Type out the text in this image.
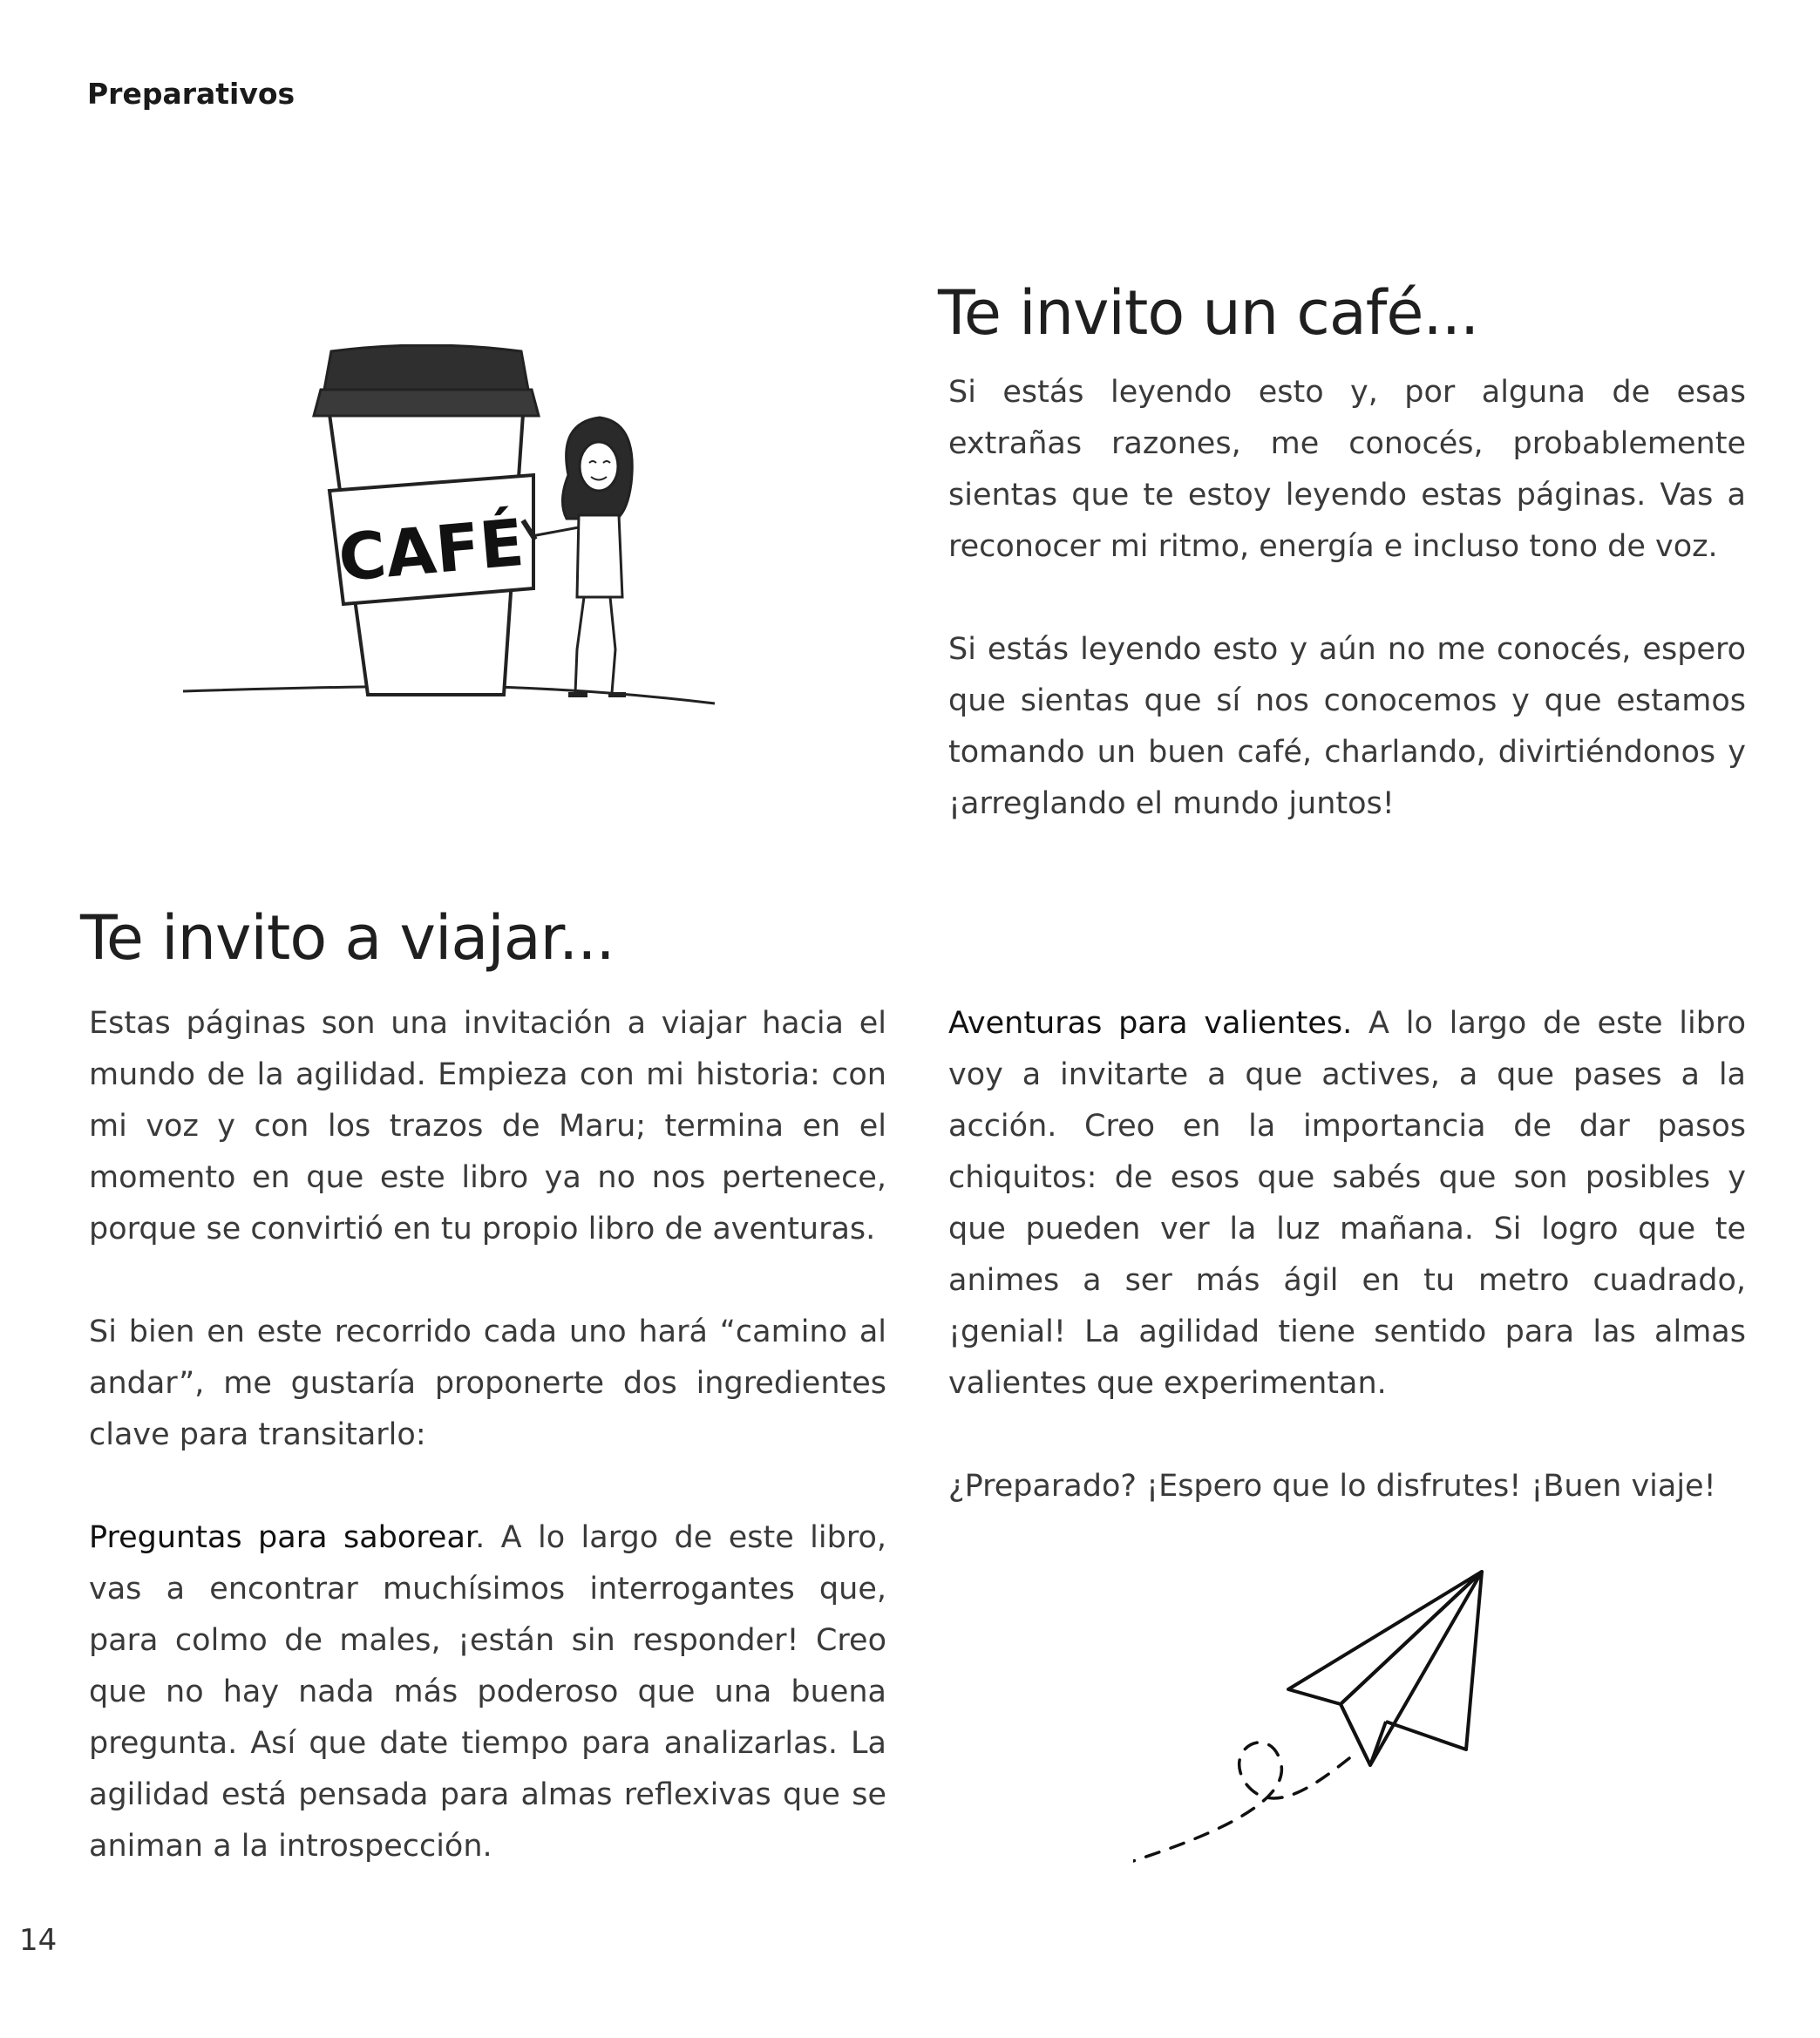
Preparativos
Te invito un café...

Si estás leyendo esto y, por alguna de esas extrañas razones, me conocés, probablemente sientas que te estoy leyendo estas páginas. Vas a reconocer mi ritmo, energía e incluso tono de voz.

Si estás leyendo esto y aún no me conocés, espero que sientas que sí nos conocemos y que estamos tomando un buen café, charlando, divirtiéndonos y ¡arreglando el mundo juntos!

CAFÉ
Te invito a viajar...

Estas páginas son una invitación a viajar hacia el mundo de la agilidad. Empieza con mi historia: con mi voz y con los trazos de Maru; termina en el momento en que este libro ya no nos pertenece, porque se convirtió en tu propio libro de aventuras.

Si bien en este recorrido cada uno hará “camino al andar”, me gustaría proponerte dos ingredientes clave para transitarlo:

Preguntas para saborear. A lo largo de este libro, vas a encontrar muchísimos interrogantes que, para colmo de males, ¡están sin responder! Creo que no hay nada más poderoso que una buena pregunta. Así que date tiempo para analizarlas. La agilidad está pensada para almas reflexivas que se animan a la introspección.

Aventuras para valientes. A lo largo de este libro voy a invitarte a que actives, a que pases a la acción. Creo en la importancia de dar pasos chiquitos: de esos que sabés que son posibles y que pueden ver la luz mañana. Si logro que te animes a ser más ágil en tu metro cuadrado, ¡genial! La agilidad tiene sentido para las almas valientes que experimentan.

¿Preparado? ¡Espero que lo disfrutes! ¡Buen viaje!

14
